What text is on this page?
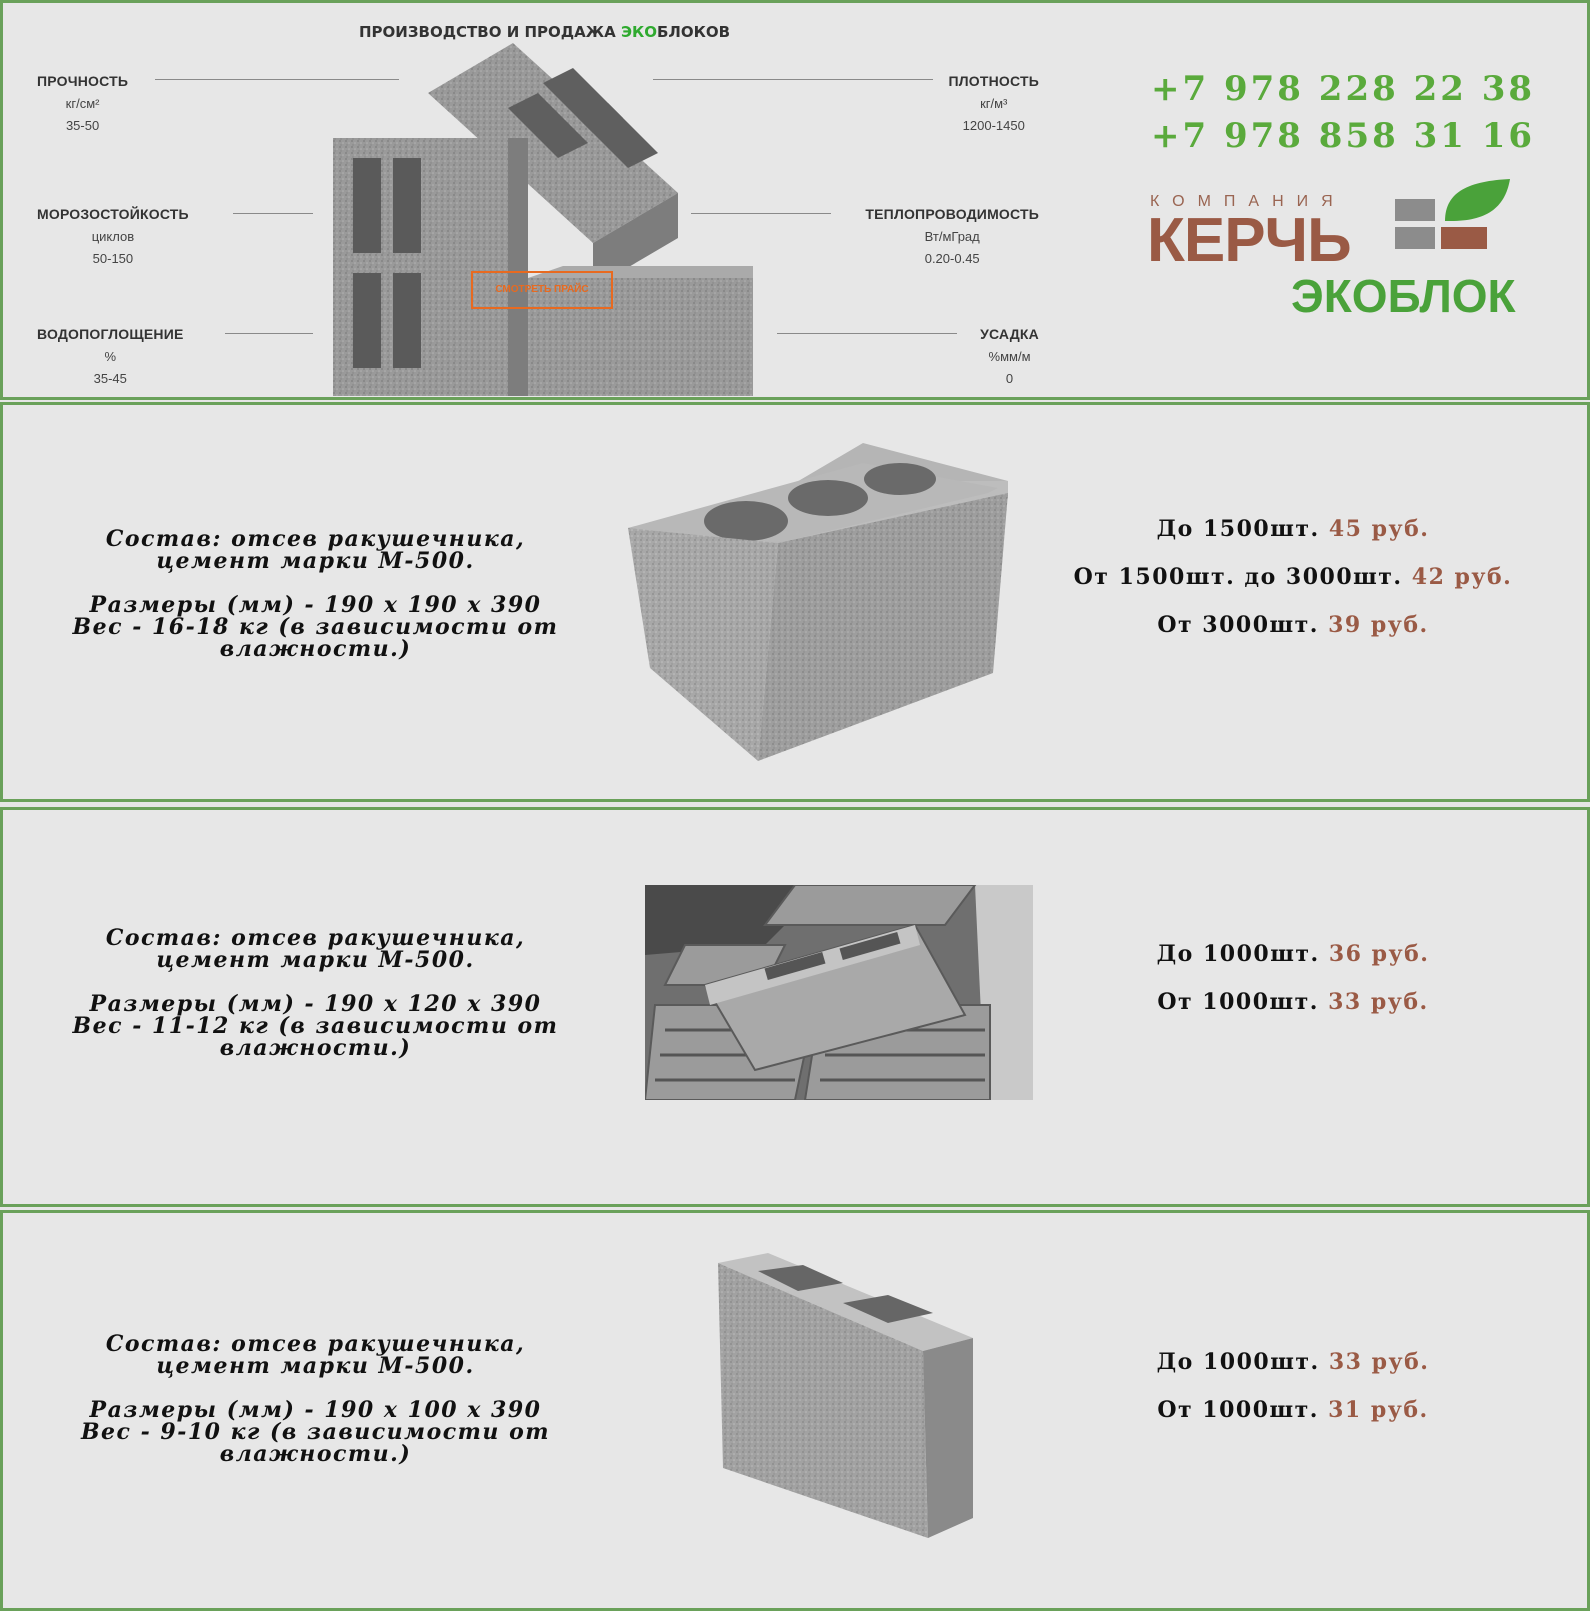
ПРОИЗВОДСТВО И ПРОДАЖА ЭКОБЛОКОВ
ПРОЧНОСТЬ
кг/см²
35-50
МОРОЗОСТОЙКОСТЬ
циклов
50-150
ВОДОПОГЛОЩЕНИЕ
%
35-45
ПЛОТНОСТЬ
кг/м³
1200-1450
ТЕПЛОПРОВОДИМОСТЬ
Вт/мГрад
0.20-0.45
УСАДКА
%мм/м
0
СМОТРЕТЬ ПРАЙС
+7 978 228 22 38
+7 978 858 31 16
КОМПАНИЯ
КЕРЧЬ
ЭКОБЛОК

Состав: отсев ракушечника,

цемент марки М-500.

Размеры (мм) - 190 х 190 х 390

Вес - 16-18 кг (в зависимости от

влажности.)

До 1500шт. 45 руб.
От 1500шт. до 3000шт. 42 руб.
От 3000шт. 39 руб.

Состав: отсев ракушечника,

цемент марки М-500.

Размеры (мм) - 190 х 120 х 390

Вес - 11-12 кг (в зависимости от

влажности.)

До 1000шт. 36 руб.
От 1000шт. 33 руб.

Состав: отсев ракушечника,

цемент марки М-500.

Размеры (мм) - 190 х 100 х 390

Вес - 9-10 кг (в зависимости от

влажности.)

До 1000шт. 33 руб.
От 1000шт. 31 руб.
